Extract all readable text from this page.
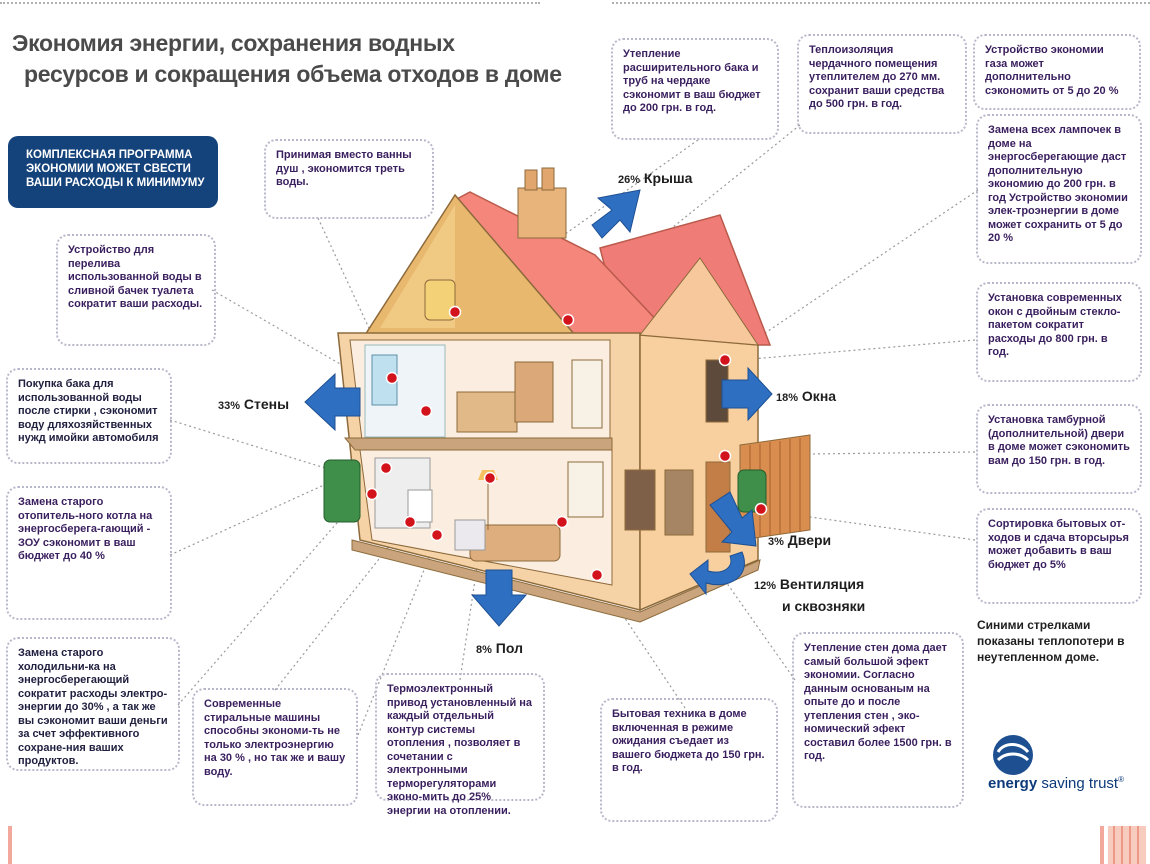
Экономия энергии, сохранения водных
ресурсов и сокращения объема отходов в доме
КОМПЛЕКСНАЯ ПРОГРАММА ЭКОНОМИИ МОЖЕТ СВЕСТИ ВАШИ РАСХОДЫ К МИНИМУМУ
Принимая вместо ванны душ , экономится треть воды.
Устройство для перелива использованной воды в сливной бачек туалета сократит ваши расходы.
Покупка бака для использованной воды после стирки , сэкономит воду дляхозяйственных нужд имойки автомобиля
Замена старого отопитель-ного котла на энергосберега-гающий - ЗОУ сэкономит в ваш бюджет до 40 %
Замена старого холодильни-ка на энергосберегающий сократит расходы электро-энергии до 30% , а так же вы сэкономит ваши деньги за счет эффективного сохране-ния ваших продуктов.
Современные стиральные машины способны экономи-ть не только электроэнергию на 30 % , но так же и вашу воду.
Термоэлектронный привод установленный на каждый отдельный контур системы отопления , позволяет в сочетании с электронными терморегуляторами эконо-мить до 25% энергии на отоплении.
Бытовая техника в доме включенная в режиме ожидания съедает из вашего бюджета до 150 грн. в год.
Утепление стен дома дает самый большой эфект экономии. Согласно данным основаным на опыте до и после утепления стен , эко-номический эфект составил более 1500 грн. в год.
Утепление расширительного бака и труб на чердаке сэкономит в ваш бюджет до 200 грн. в год.
Теплоизоляция чердачного помещения утеплителем до 270 мм. сохранит ваши средства до 500 грн. в год.
Устройство экономии газа может дополнительно сэкономить от 5 до 20 %
Замена всех лампочек в доме на энергосберегающие даст дополнительную экономию до 200 грн. в год Устройство экономии элек-троэнергии в доме может сохранить от 5 до 20 %
Установка современных окон с двойным стекло-пакетом сократит расходы до 800 грн. в год.
Установка тамбурной (дополнительной) двери в доме может сэкономить вам до 150 грн. в год.
Сортировка бытовых от-ходов и сдача вторсырья может добавить в ваш бюджет до 5%
26% Крыша
33% Стены	18% Окна
3% Двери
12% Вентиляция
и сквозняки
8% Пол
Синими стрелками показаны теплопотери в неутепленном доме.
energy saving trust®
